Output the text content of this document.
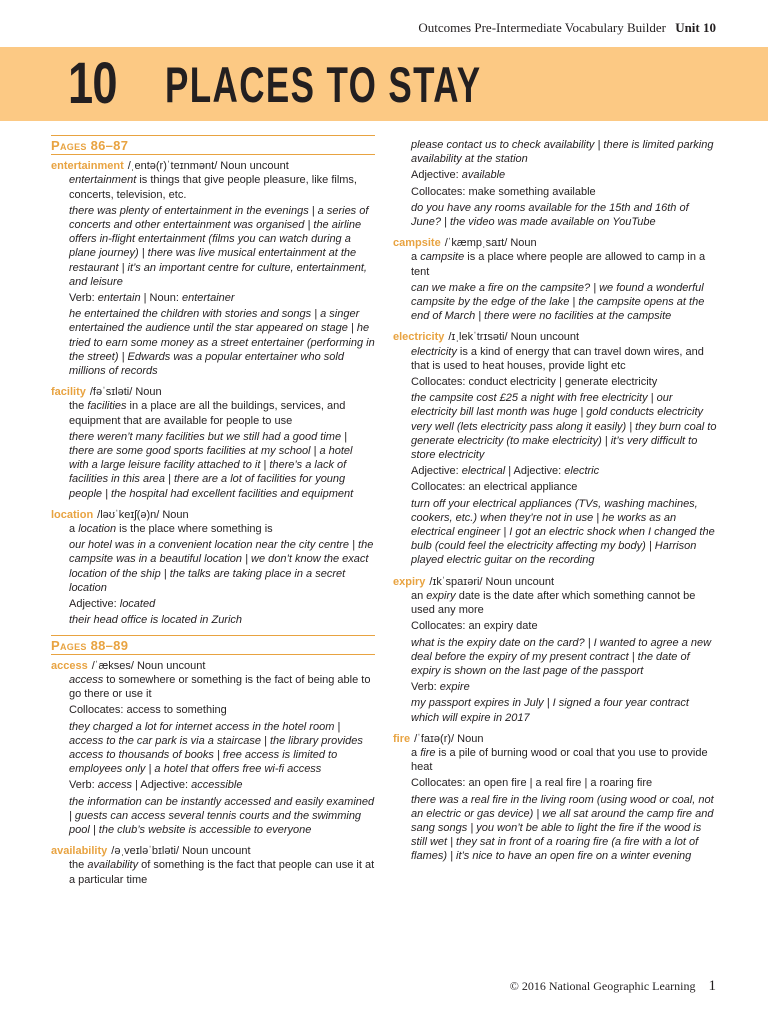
Outcomes Pre-Intermediate Vocabulary Builder Unit 10
10 PLACES TO STAY
Pages 86–87
entertainment /ˌentə(r)ˈteɪnmənt/ Noun uncount
entertainment is things that give people pleasure, like films, concerts, television, etc.
there was plenty of entertainment in the evenings | a series of concerts and other entertainment was organised | the airline offers in-flight entertainment (films you can watch during a plane journey) | there was live musical entertainment at the restaurant | it’s an important centre for culture, entertainment, and leisure
Verb: entertain | Noun: entertainer
he entertained the children with stories and songs | a singer entertained the audience until the star appeared on stage | he tried to earn some money as a street entertainer (performing in the street) | Edwards was a popular entertainer who sold millions of records
facility /fəˈsɪləti/ Noun
the facilities in a place are all the buildings, services, and equipment that are available for people to use
there weren’t many facilities but we still had a good time | there are some good sports facilities at my school | a hotel with a large leisure facility attached to it | there’s a lack of facilities in this area | there are a lot of facilities for young people | the hospital had excellent facilities and equipment
location /ləʊˈkeɪʃ(ə)n/ Noun
a location is the place where something is
our hotel was in a convenient location near the city centre | the campsite was in a beautiful location | we don’t know the exact location of the ship | the talks are taking place in a secret location
Adjective: located
their head office is located in Zurich
Pages 88–89
access /ˈækses/ Noun uncount
access to somewhere or something is the fact of being able to go there or use it
Collocates: access to something
they charged a lot for internet access in the hotel room | access to the car park is via a staircase | the library provides access to thousands of books | free access is limited to employees only | a hotel that offers free wi-fi access
Verb: access | Adjective: accessible
the information can be instantly accessed and easily examined | guests can access several tennis courts and the swimming pool | the club’s website is accessible to everyone
availability /əˌveɪləˈbɪləti/ Noun uncount
the availability of something is the fact that people can use it at a particular time
please contact us to check availability | there is limited parking availability at the station
Adjective: available
Collocates: make something available
do you have any rooms available for the 15th and 16th of June? | the video was made available on YouTube
campsite /ˈkæmpˌsaɪt/ Noun
a campsite is a place where people are allowed to camp in a tent
can we make a fire on the campsite? | we found a wonderful campsite by the edge of the lake | the campsite opens at the end of March | there were no facilities at the campsite
electricity /ɪˌlekˈtrɪsəti/ Noun uncount
electricity is a kind of energy that can travel down wires, and that is used to heat houses, provide light etc
Collocates: conduct electricity | generate electricity
the campsite cost £25 a night with free electricity | our electricity bill last month was huge | gold conducts electricity very well (lets electricity pass along it easily) | they burn coal to generate electricity (to make electricity) | it’s very difficult to store electricity
Adjective: electrical | Adjective: electric
Collocates: an electrical appliance
turn off your electrical appliances (TVs, washing machines, cookers, etc.) when they’re not in use | he works as an electrical engineer | I got an electric shock when I changed the bulb (could feel the electricity affecting my body) | Harrison played electric guitar on the recording
expiry /ɪkˈspaɪəri/ Noun uncount
an expiry date is the date after which something cannot be used any more
Collocates: an expiry date
what is the expiry date on the card? | I wanted to agree a new deal before the expiry of my present contract | the date of expiry is shown on the last page of the passport
Verb: expire
my passport expires in July | I signed a four year contract which will expire in 2017
fire /ˈfaɪə(r)/ Noun
a fire is a pile of burning wood or coal that you use to provide heat
Collocates: an open fire | a real fire | a roaring fire
there was a real fire in the living room (using wood or coal, not an electric or gas device) | we all sat around the camp fire and sang songs | you won’t be able to light the fire if the wood is still wet | they sat in front of a roaring fire (a fire with a lot of flames) | it’s nice to have an open fire on a winter evening
© 2016 National Geographic Learning 1
